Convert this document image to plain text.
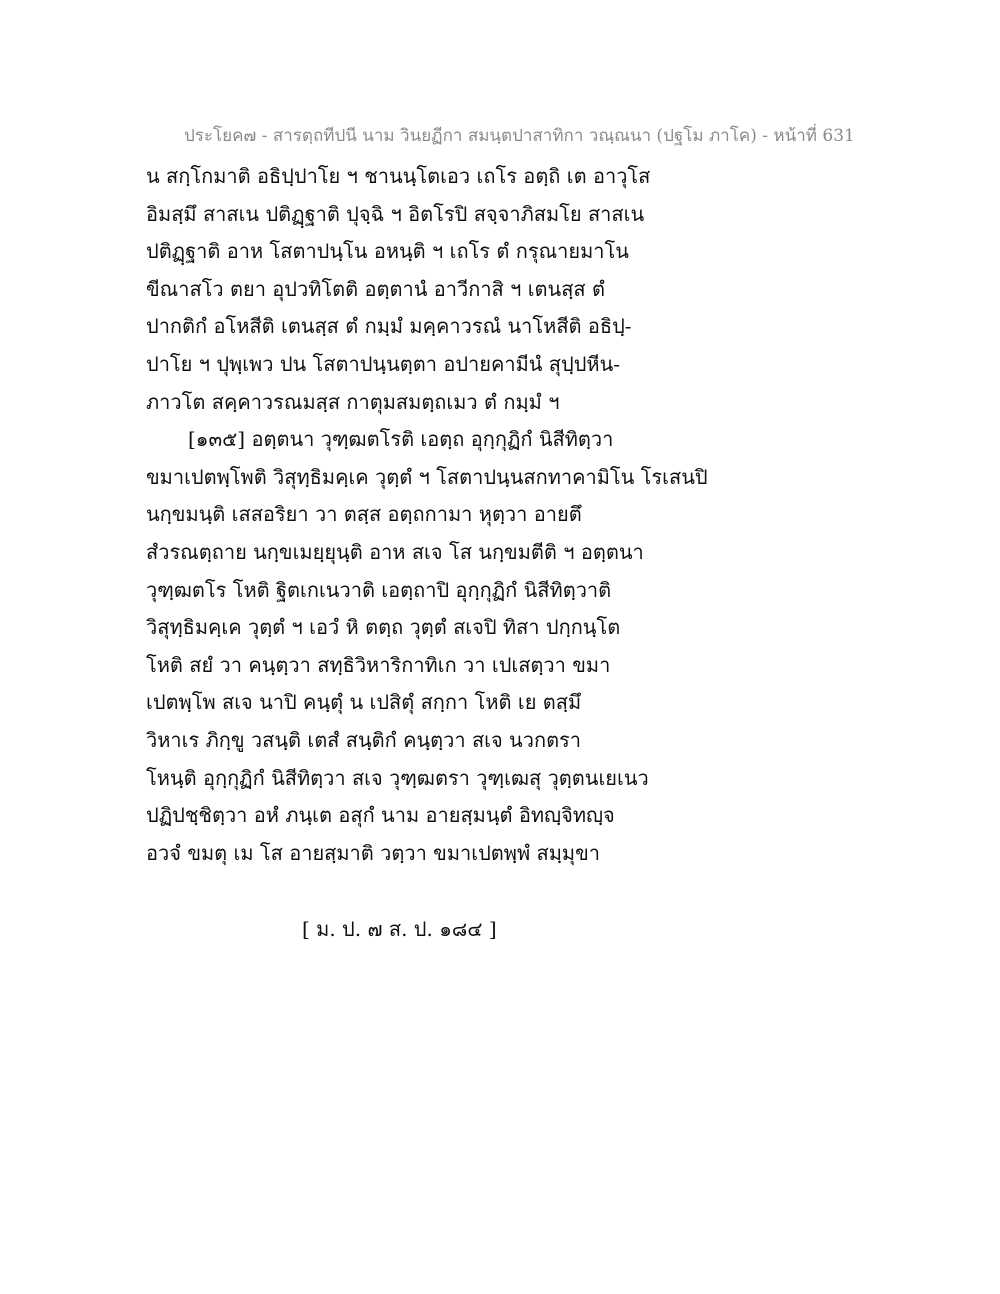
ประโยค๗ - สารตฺถทีปนี นาม วินยฏีกา สมนฺตปาสาทิกา วณฺณนา (ปฐโม ภาโค) - หน้าที่ 631
น สกฺโกมาติ อธิปฺปาโย ฯ ชานนฺโตเอว เถโร อตฺถิ เต อาวุโส
อิมสฺมึ สาสเน ปติฏฺฐาติ ปุจฺฉิ ฯ อิตโรปิ สจฺจาภิสมโย สาสเน
ปติฏฺฐาติ อาห โสตาปนฺโน อหนฺติ ฯ เถโร ตํ กรุณายมาโน
ขีณาสโว ตยา อุปวทิโตติ อตฺตานํ อาวีกาสิ ฯ เตนสฺส ตํ
ปากติกํ อโหสีติ เตนสฺส ตํ กมฺมํ มคฺคาวรณํ นาโหสีติ อธิปฺ-
ปาโย ฯ ปุพฺเพว ปน โสตาปนฺนตฺตา อปายคามีนํ สุปฺปหีน-
ภาวโต สคฺคาวรณมสฺส กาตุมสมตฺถเมว ตํ กมฺมํ ฯ
[๑๓๕] อตฺตนา วุฑฺฒตโรติ เอตฺถ อุกฺกุฏิกํ นิสีทิตฺวา
ขมาเปตพฺโพติ วิสุทฺธิมคฺเค วุตฺตํ ฯ โสตาปนฺนสกทาคามิโน โรเสนปิ
นกฺขมนฺติ เสสอริยา วา ตสฺส อตฺถกามา หุตฺวา อายตึ
สํวรณตฺถาย นกฺขเมยฺยุนฺติ อาห สเจ โส นกฺขมตีติ ฯ อตฺตนา
วุฑฺฒตโร โหติ ฐิตเกเนวาติ เอตฺถาปิ อุกฺกุฏิกํ นิสีทิตฺวาติ
วิสุทฺธิมคฺเค วุตฺตํ ฯ เอวํ หิ ตตฺถ วุตฺตํ สเจปิ ทิสา ปกฺกนฺโต
โหติ สยํ วา คนฺตฺวา สทฺธิวิหาริกาทิเก วา เปเสตฺวา ขมา
เปตพฺโพ สเจ นาปิ คนฺตุํ น เปสิตุํ สกฺกา โหติ เย ตสฺมึ
วิหาเร ภิกฺขู วสนฺติ เตสํ สนฺติกํ คนฺตฺวา สเจ นวกตรา
โหนฺติ อุกฺกุฏิกํ นิสีทิตฺวา สเจ วุฑฺฒตรา วุฑฺเฒสุ วุตฺตนเยเนว
ปฏิปชฺชิตฺวา อหํ ภนฺเต อสุกํ นาม อายสฺมนฺตํ อิทญฺจิทญฺจ
อวจํ ขมตุ เม โส อายสฺมาติ วตฺวา ขมาเปตพฺพํ สมฺมุขา
[ ม. ป. ๗ ส. ป. ๑๘๔ ]
